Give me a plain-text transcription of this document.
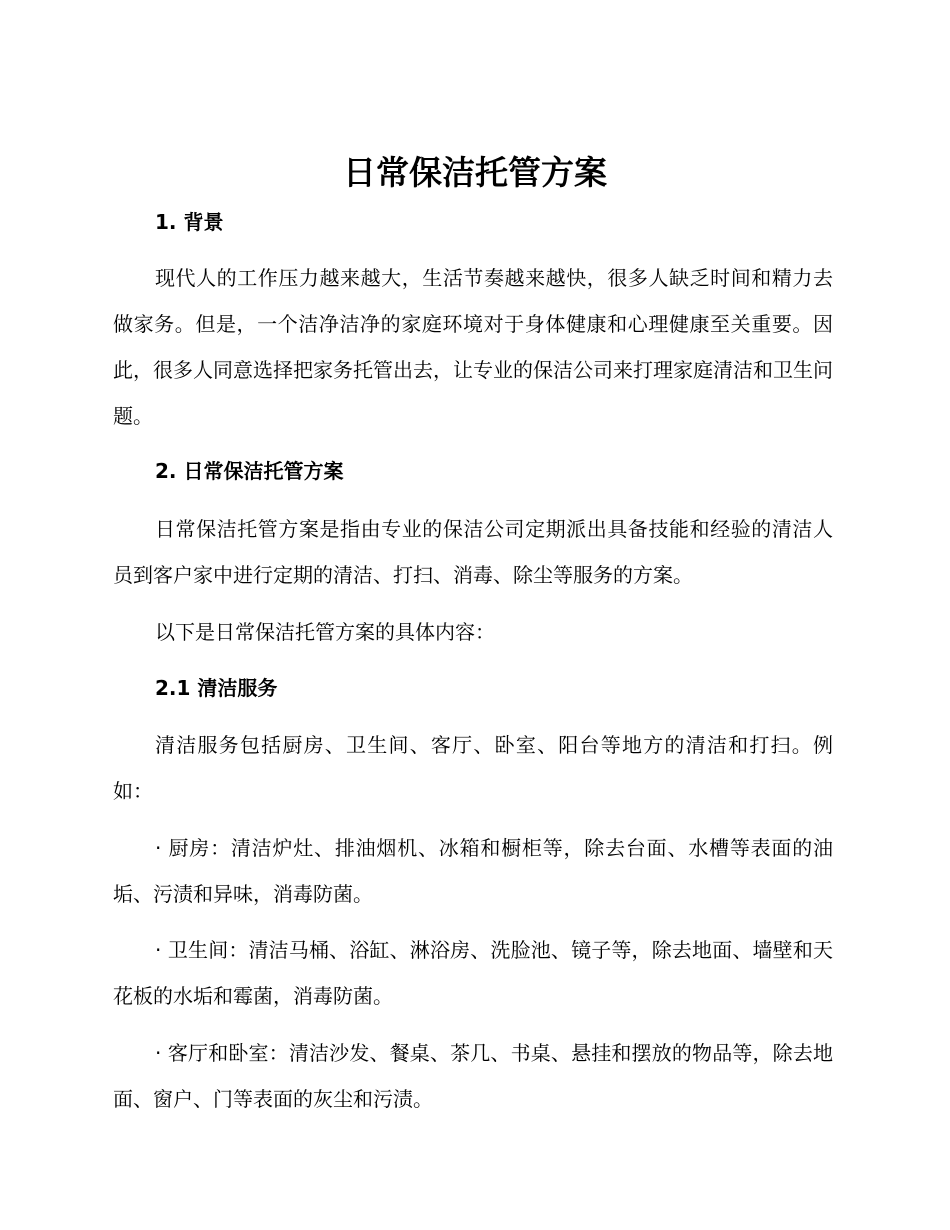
日常保洁托管方案
1. 背景

现代人的工作压力越来越大，生活节奏越来越快，很多人缺乏时间和精力去做家务。但是，一个洁净洁净的家庭环境对于身体健康和心理健康至关重要。因此，很多人同意选择把家务托管出去，让专业的保洁公司来打理家庭清洁和卫生问题。

2. 日常保洁托管方案

日常保洁托管方案是指由专业的保洁公司定期派出具备技能和经验的清洁人员到客户家中进行定期的清洁、打扫、消毒、除尘等服务的方案。

以下是日常保洁托管方案的具体内容：

2.1 清洁服务

清洁服务包括厨房、卫生间、客厅、卧室、阳台等地方的清洁和打扫。例如：

· 厨房：清洁炉灶、排油烟机、冰箱和橱柜等，除去台面、水槽等表面的油垢、污渍和异味，消毒防菌。

· 卫生间：清洁马桶、浴缸、淋浴房、洗脸池、镜子等，除去地面、墙壁和天花板的水垢和霉菌，消毒防菌。

· 客厅和卧室：清洁沙发、餐桌、茶几、书桌、悬挂和摆放的物品等，除去地面、窗户、门等表面的灰尘和污渍。
